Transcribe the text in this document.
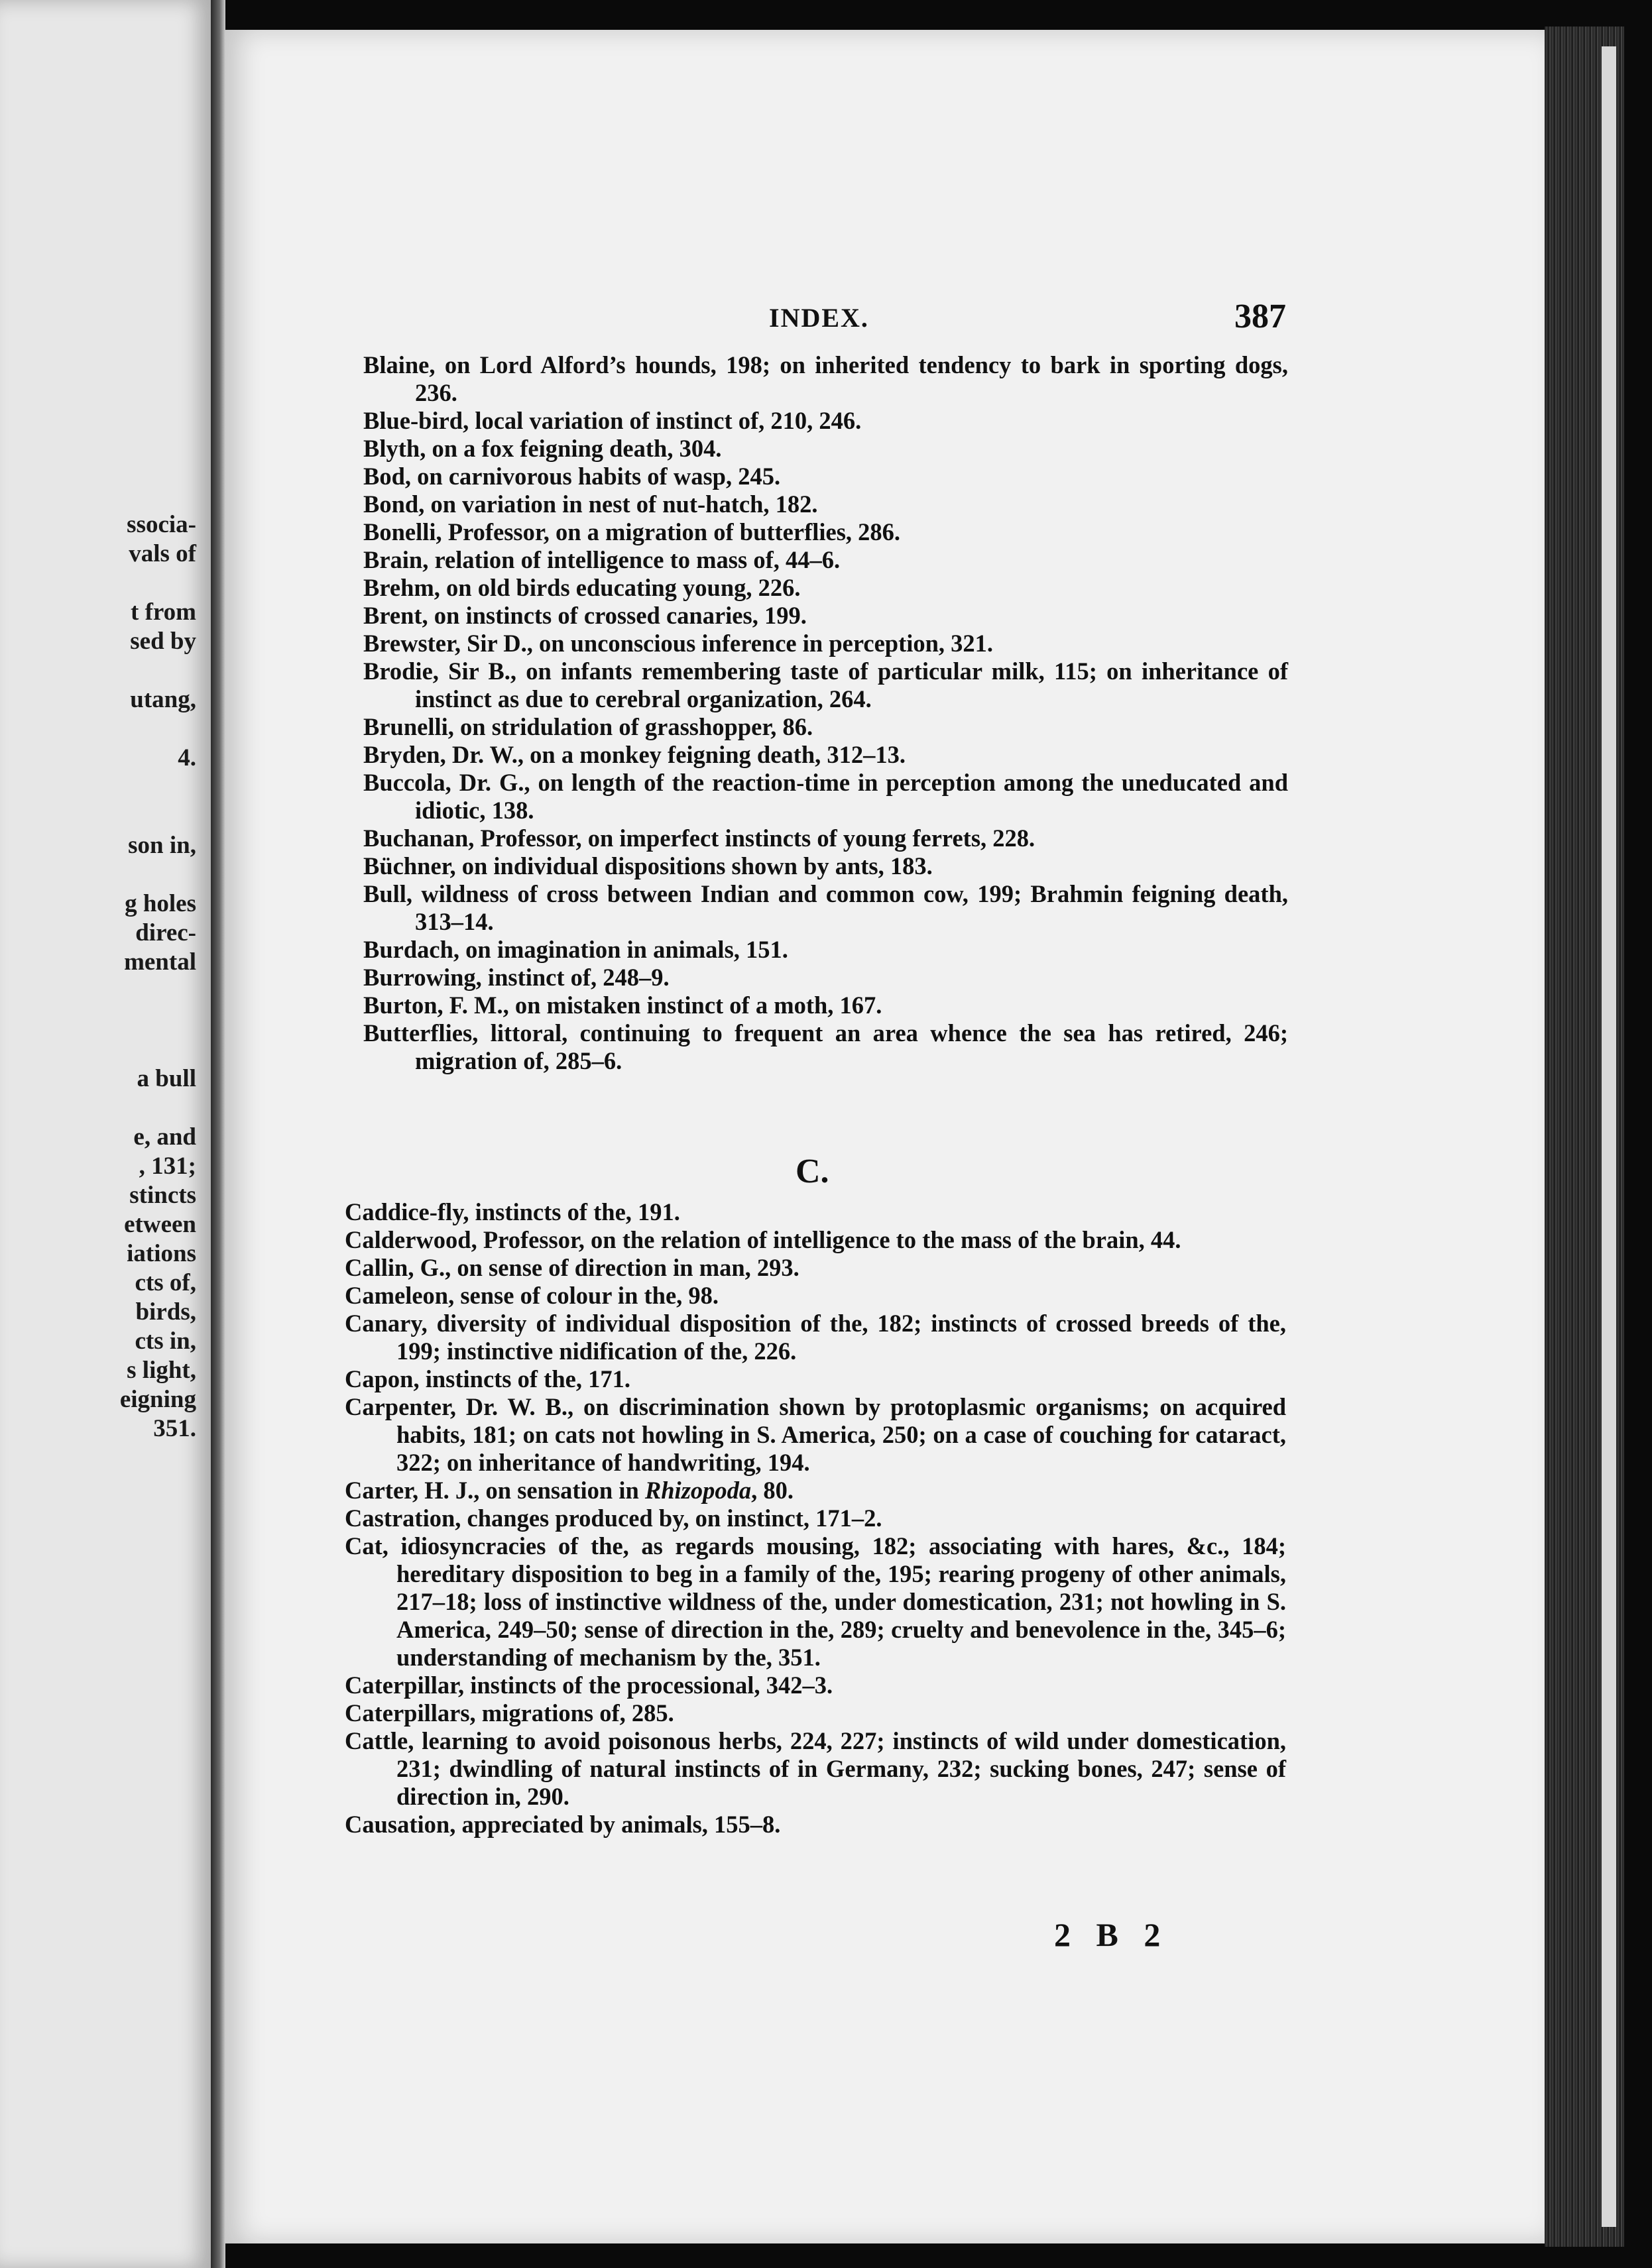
ssocia-
vals of

t from
sed by

utang,

4.

son in,

g holes
direc-
mental

a bull

e, and
, 131;
stincts
etween
iations
cts of,
birds,
cts in,
s light,
eigning
351.
INDEX.	387
Blaine, on Lord Alford’s hounds, 198; on inherited tendency to bark in sporting dogs, 236.
Blue-bird, local variation of instinct of, 210, 246.
Blyth, on a fox feigning death, 304.
Bod, on carnivorous habits of wasp, 245.
Bond, on variation in nest of nut-hatch, 182.
Bonelli, Professor, on a migration of butterflies, 286.
Brain, relation of intelligence to mass of, 44–6.
Brehm, on old birds educating young, 226.
Brent, on instincts of crossed canaries, 199.
Brewster, Sir D., on unconscious inference in perception, 321.
Brodie, Sir B., on infants remembering taste of particular milk, 115; on inheritance of instinct as due to cerebral organization, 264.
Brunelli, on stridulation of grasshopper, 86.
Bryden, Dr. W., on a monkey feigning death, 312–13.
Buccola, Dr. G., on length of the reaction-time in perception among the uneducated and idiotic, 138.
Buchanan, Professor, on imperfect instincts of young ferrets, 228.
Büchner, on individual dispositions shown by ants, 183.
Bull, wildness of cross between Indian and common cow, 199; Brahmin feigning death, 313–14.
Burdach, on imagination in animals, 151.
Burrowing, instinct of, 248–9.
Burton, F. M., on mistaken instinct of a moth, 167.
Butterflies, littoral, continuing to frequent an area whence the sea has retired, 246; migration of, 285–6.
C.
Caddice-fly, instincts of the, 191.
Calderwood, Professor, on the relation of intelligence to the mass of the brain, 44.
Callin, G., on sense of direction in man, 293.
Cameleon, sense of colour in the, 98.
Canary, diversity of individual disposition of the, 182; instincts of crossed breeds of the, 199; instinctive nidification of the, 226.
Capon, instincts of the, 171.
Carpenter, Dr. W. B., on discrimination shown by protoplasmic organisms; on acquired habits, 181; on cats not howling in S. America, 250; on a case of couching for cataract, 322; on inheritance of handwriting, 194.
Carter, H. J., on sensation in Rhizopoda, 80.
Castration, changes produced by, on instinct, 171–2.
Cat, idiosyncracies of the, as regards mousing, 182; associating with hares, &c., 184; hereditary disposition to beg in a family of the, 195; rearing progeny of other animals, 217–18; loss of instinctive wildness of the, under domestication, 231; not howling in S. America, 249–50; sense of direction in the, 289; cruelty and benevolence in the, 345–6; understanding of mechanism by the, 351.
Caterpillar, instincts of the processional, 342–3.
Caterpillars, migrations of, 285.
Cattle, learning to avoid poisonous herbs, 224, 227; instincts of wild under domestication, 231; dwindling of natural instincts of in Germany, 232; sucking bones, 247; sense of direction in, 290.
Causation, appreciated by animals, 155–8.
2 B 2
